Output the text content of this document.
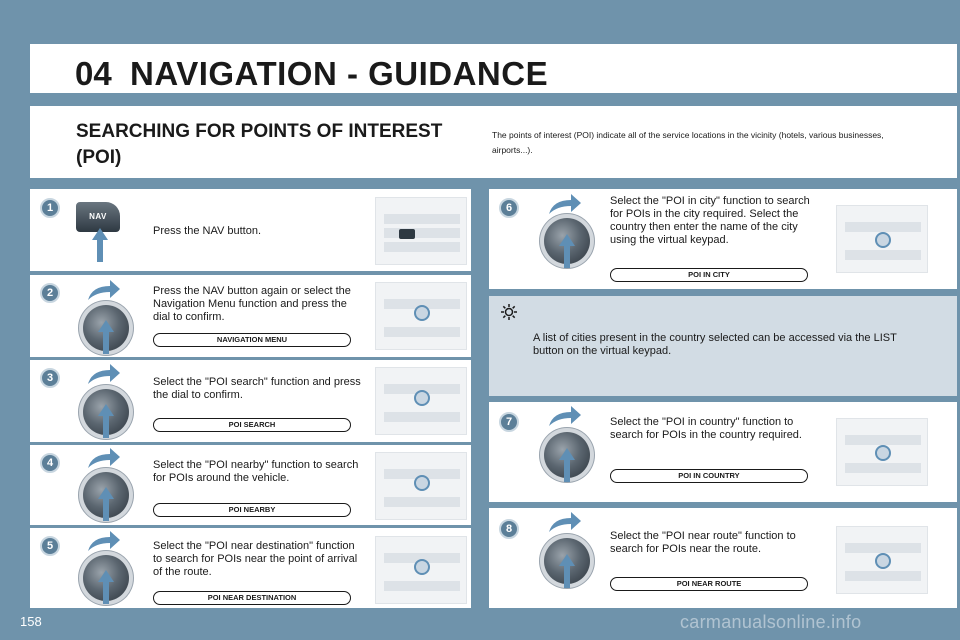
04 NAVIGATION - GUIDANCE
SEARCHING FOR POINTS OF INTEREST (POI)
The points of interest (POI) indicate all of the service locations in the vicinity (hotels, various businesses, airports...).
1
NAV
Press the NAV button.
2	Press the NAV button again or select the Navigation Menu function and press the dial to confirm.
NAVIGATION MENU
3	Select the "POI search" function and press the dial to confirm.
POI SEARCH
4	Select the "POI nearby" function to search for POIs around the vehicle.
POI NEARBY
5	Select the "POI near destination" function to search for POIs near the point of arrival of the route.
POI NEAR DESTINATION
6
Select the "POI in city" function to search for POIs in the city required. Select the country then enter the name of the city using the virtual keypad.
POI IN CITY
A list of cities present in the country selected can be accessed via the LIST button on the virtual keypad.
7	Select the "POI in country" function to search for POIs in the country required.
POI IN COUNTRY
8
Select the "POI near route" function to search for POIs near the route.
POI NEAR ROUTE
158	carmanualsonline.info
